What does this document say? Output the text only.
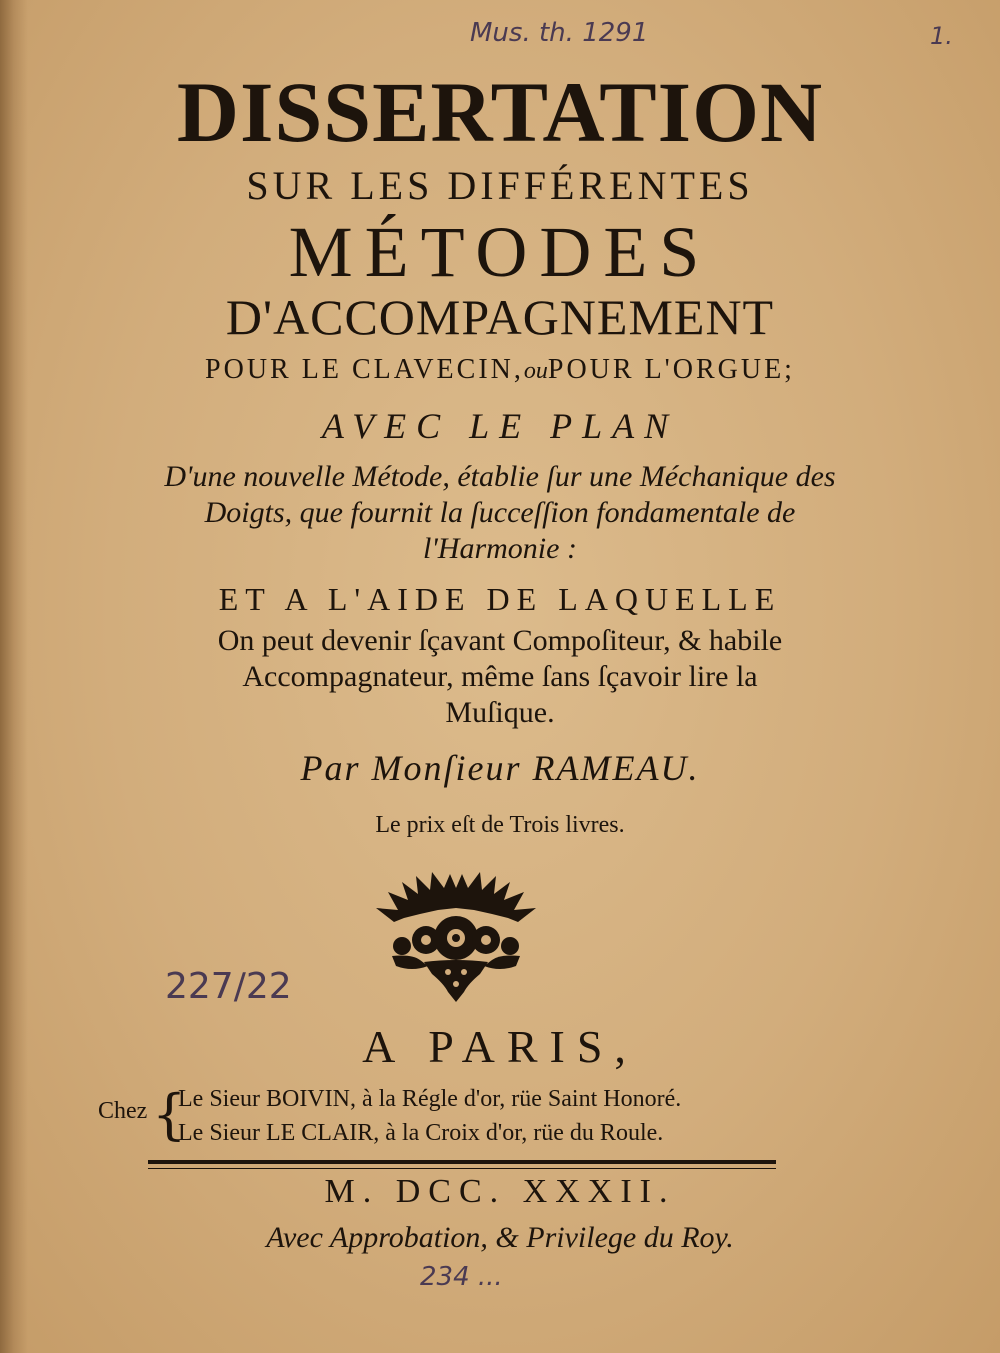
Mus. th. 1291	1.
DISSERTATION
SUR LES DIFFÉRENTES
MÉTODES
D'ACCOMPAGNEMENT
POUR LE CLAVECIN,ouPOUR L'ORGUE;
AVEC LE PLAN
D'une nouvelle Métode, établie ſur une Méchanique des
Doigts, que fournit la ſucceſſion fondamentale de
l'Harmonie :
ET A L'AIDE DE LAQUELLE
On peut devenir ſçavant Compoſiteur, & habile
Accompagnateur, même ſans ſçavoir lire la
Muſique.
Par Monſieur RAMEAU.
Le prix eſt de Trois livres.
227/22
A PARIS,
Chez {
Le Sieur BOIVIN, à la Régle d'or, rüe Saint Honoré.
Le Sieur LE CLAIR, à la Croix d'or, rüe du Roule.
M. DCC. XXXII.
Avec Approbation, & Privilege du Roy.
234 ...
